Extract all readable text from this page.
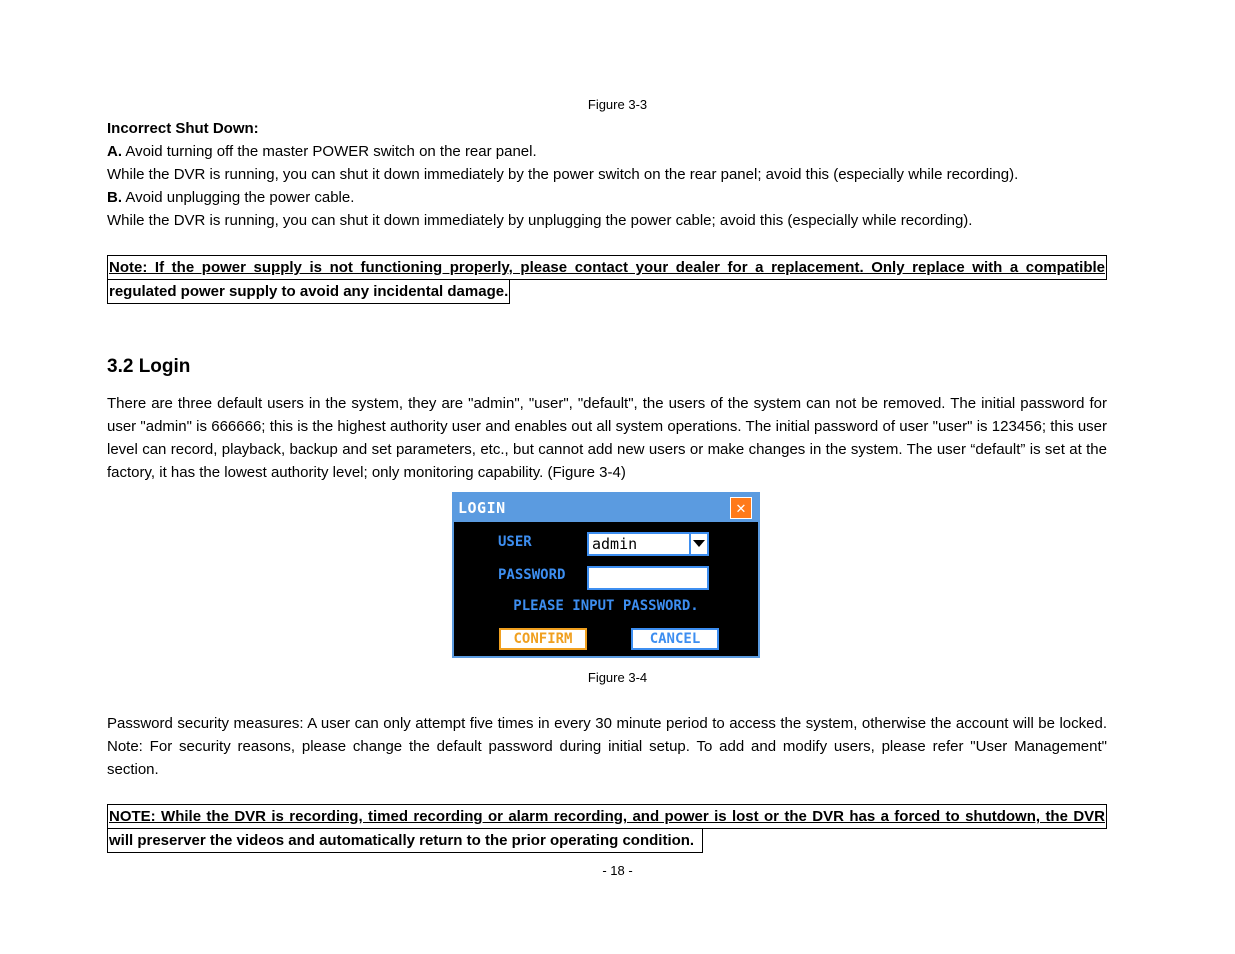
Figure 3-3
Incorrect Shut Down:
A. Avoid turning off the master POWER switch on the rear panel.
While the DVR is running, you can shut it down immediately by the power switch on the rear panel; avoid this (especially while recording).
B. Avoid unplugging the power cable.
While the DVR is running, you can shut it down immediately by unplugging the power cable; avoid this (especially while recording).
Note: If the power supply is not functioning properly, please contact your dealer for a replacement. Only replace with a compatible
regulated power supply to avoid any incidental damage.
3.2 Login
There are three default users in the system, they are "admin", "user", "default", the users of the system can not be removed. The initial password for user "admin" is 666666; this is the highest authority user and enables out all system operations. The initial password of user "user" is 123456; this user level can record, playback, backup and set parameters, etc., but cannot add new users or make changes in the system. The user “default” is set at the factory, it has the lowest authority level; only monitoring capability. (Figure 3-4)
LOGIN	✕
USER	admin
PASSWORD
PLEASE INPUT PASSWORD.
CONFIRM	CANCEL
Figure 3-4
Password security measures: A user can only attempt five times in every 30 minute period to access the system, otherwise the account will be locked. Note: For security reasons, please change the default password during initial setup. To add and modify users, please refer "User Management" section.
NOTE: While the DVR is recording, timed recording or alarm recording, and power is lost or the DVR has a forced to shutdown, the DVR
will preserver the videos and automatically return to the prior operating condition.
- 18 -
